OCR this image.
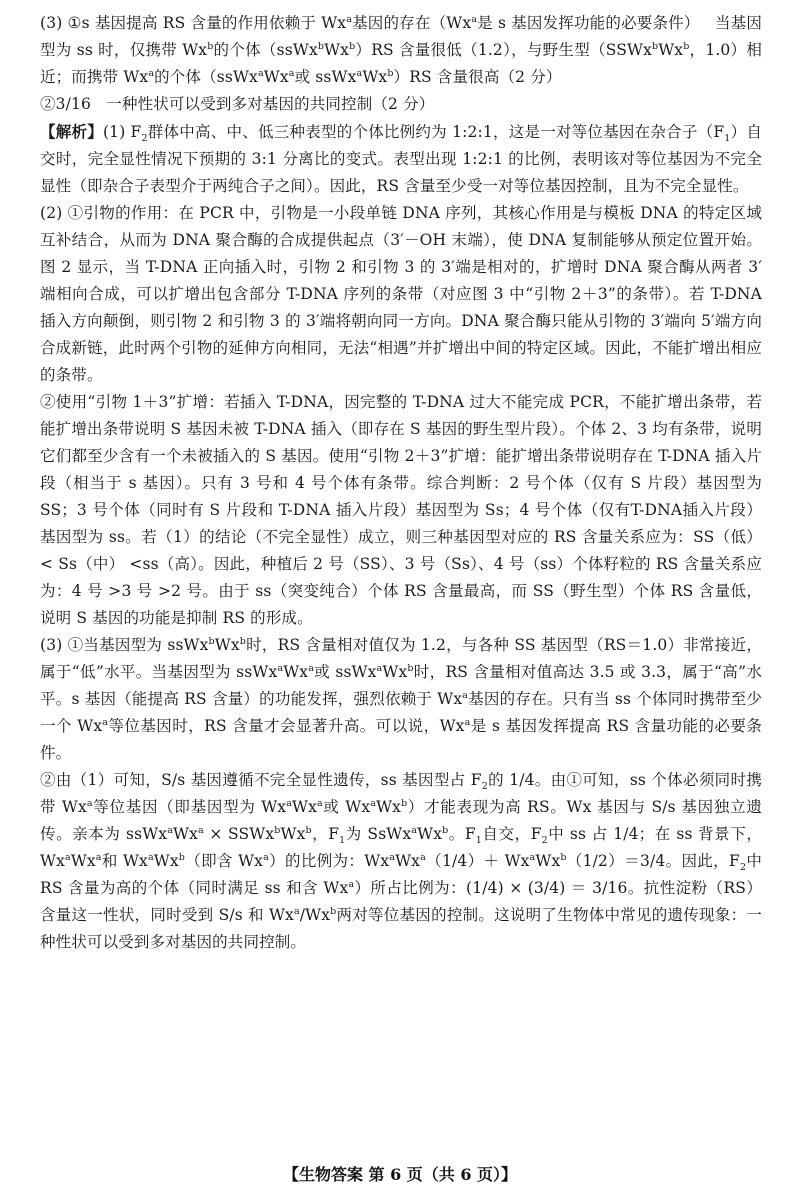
(3) ①s 基因提高 RS 含量的作用依赖于 Wx$^a$基因的存在（Wx$^a$是 s 基因发挥功能的必要条件）   当基因型为 ss 时，仅携带 Wx$^b$的个体（ssWx$^b$Wx$^b$）RS 含量很低（1.2），与野生型（SSWx$^b$Wx$^b$，1.0）相近；而携带 Wx$^a$的个体（ssWx$^a$Wx$^a$或 ssWx$^a$Wx$^b$）RS 含量很高（2 分）

②3/16   一种性状可以受到多对基因的共同控制（2 分）

【解析】(1) $F_2$群体中高、中、低三种表型的个体比例约为 1:2:1，这是一对等位基因在杂合子$(F_1)$自交时，完全显性情况下预期的 3:1 分离比的变式。表型出现 1:2:1 的比例，表明该对等位基因为不完全显性（即杂合子表型介于两纯合子之间）。因此，RS 含量至少受一对等位基因控制，且为不完全显性。

(2) ①引物的作用：在 PCR 中，引物是一小段单链 DNA 序列，其核心作用是与模板 DNA 的特定区域互补结合，从而为 DNA 聚合酶的合成提供起点（3′－OH 末端），使 DNA 复制能够从预定位置开始。图 2 显示，当 T-DNA 正向插入时，引物 2 和引物 3 的 3′端是相对的，扩增时 DNA 聚合酶从两者 3′端相向合成，可以扩增出包含部分 T-DNA 序列的条带（对应图 3 中“引物 2＋3”的条带）。若 T-DNA 插入方向颠倒，则引物 2 和引物 3 的 3′端将朝向同一方向。DNA 聚合酶只能从引物的 3′端向 5′端方向合成新链，此时两个引物的延伸方向相同，无法“相遇”并扩增出中间的特定区域。因此，不能扩增出相应的条带。

②使用“引物 1＋3”扩增：若插入 T-DNA，因完整的 T-DNA 过大不能完成 PCR，不能扩增出条带，若能扩增出条带说明 S 基因未被 T-DNA 插入（即存在 S 基因的野生型片段）。个体 2、3 均有条带，说明它们都至少含有一个未被插入的 S 基因。使用“引物 2＋3”扩增：能扩增出条带说明存在 T-DNA 插入片段（相当于 s 基因）。只有 3 号和 4 号个体有条带。综合判断：2 号个体（仅有 S 片段）基因型为 SS；3 号个体（同时有 S 片段和 T-DNA 插入片段）基因型为 Ss；4 号个体（仅有T-DNA插入片段）基因型为 ss。若（1）的结论（不完全显性）成立，则三种基因型对应的 RS 含量关系应为：SS（低） < Ss（中） <ss（高）。因此，种植后 2 号（SS）、3 号（Ss）、4 号（ss）个体籽粒的 RS 含量关系应为：4 号 >3 号 >2 号。由于 ss（突变纯合）个体 RS 含量最高，而 SS（野生型）个体 RS 含量低，说明 S 基因的功能是抑制 RS 的形成。

(3) ①当基因型为 ssWx$^b$Wx$^b$时，RS 含量相对值仅为 1.2，与各种 SS 基因型（RS＝1.0）非常接近，属于“低”水平。当基因型为 ssWx$^a$Wx$^a$或 ssWx$^a$Wx$^b$时，RS 含量相对值高达 3.5 或 3.3，属于“高”水平。s 基因（能提高 RS 含量）的功能发挥，强烈依赖于 Wx$^a$基因的存在。只有当 ss 个体同时携带至少一个 Wx$^a$等位基因时，RS 含量才会显著升高。可以说，Wx$^a$是 s 基因发挥提高 RS 含量功能的必要条件。

②由（1）可知，S/s 基因遵循不完全显性遗传，ss 基因型占 $F_2$的 1/4。由①可知，ss 个体必须同时携带 Wx$^a$等位基因（即基因型为 Wx$^a$Wx$^a$或 Wx$^a$Wx$^b$）才能表现为高 RS。Wx 基因与 S/s 基因独立遗传。亲本为 $ssWx^aWx^a$ × $SSWx^bWx^b$，$F_1$为 SsWx$^a$Wx$^b$。$F_1$自交，$F_2$中 ss 占 1/4；在 ss 背景下，Wx$^a$Wx$^a$和 Wx$^a$Wx$^b$（即含 Wx$^a$）的比例为：$Wx^aWx^a(1/4)+ Wx^aWx^b(1/2)=3/4$。因此，$F_2$中 RS 含量为高的个体（同时满足 ss 和含 Wx$^a$）所占比例为：(1/4) × (3/4) ＝ 3/16。抗性淀粉（RS）含量这一性状，同时受到 S/s 和 Wx$^a$/Wx$^b$两对等位基因的控制。这说明了生物体中常见的遗传现象：一种性状可以受到多对基因的共同控制。

【生物答案 第 6 页（共 6 页）】
